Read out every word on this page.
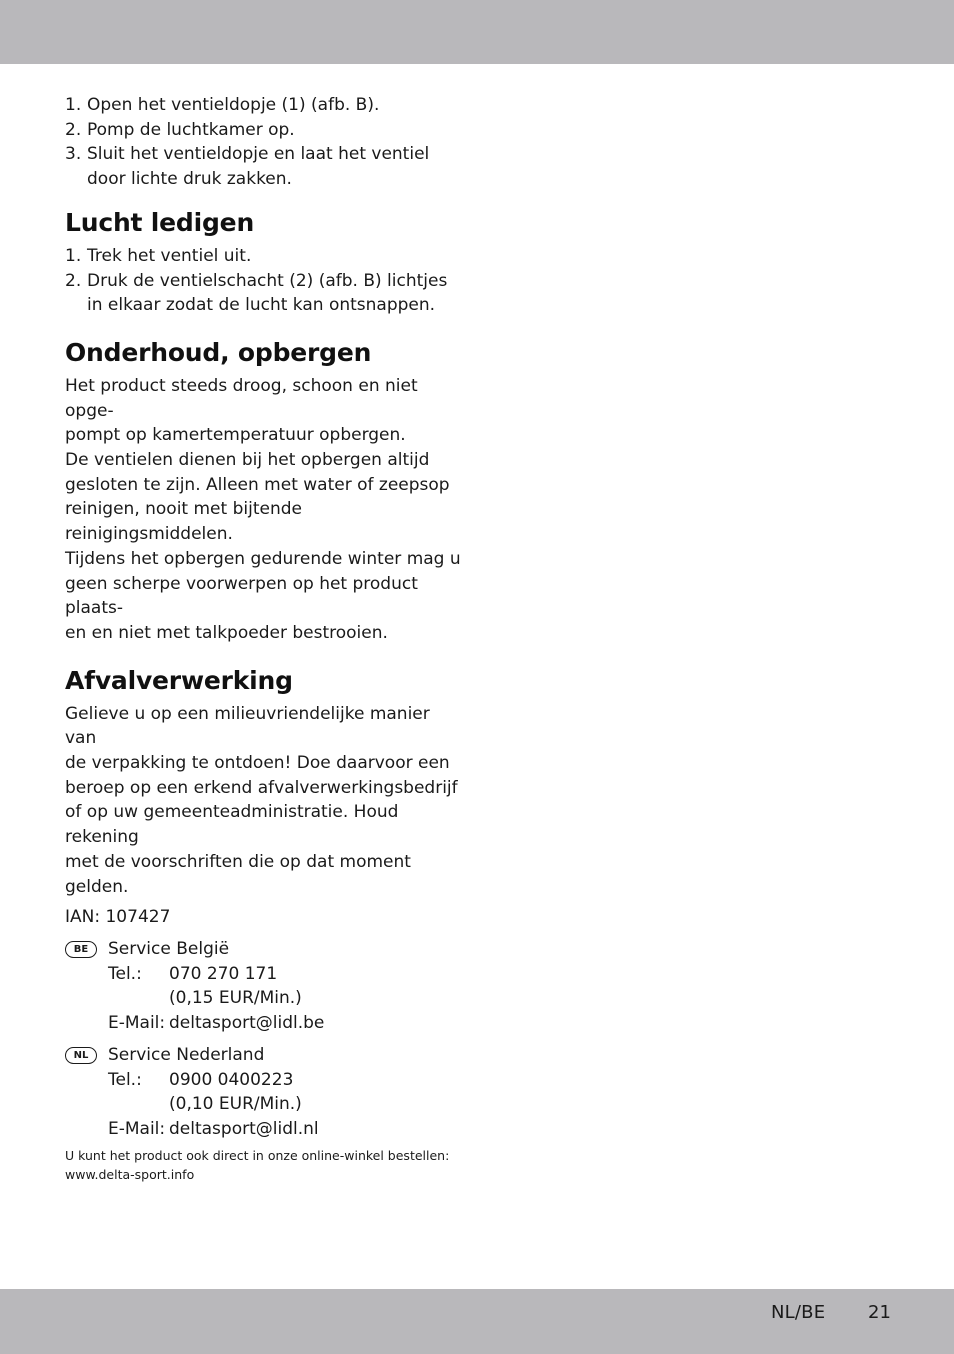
1. Open het ventieldopje (1) (afb. B).
2. Pomp de luchtkamer op.
3. Sluit het ventieldopje en laat het ventiel door lichte druk zakken.
Lucht ledigen
1. Trek het ventiel uit.
2. Druk de ventielschacht (2) (afb. B) lichtjes in elkaar zodat de lucht kan ontsnappen.
Onderhoud, opbergen

Het product steeds droog, schoon en niet opge-
pompt op kamertemperatuur opbergen.
De ventielen dienen bij het opbergen altijd
gesloten te zijn. Alleen met water of zeepsop
reinigen, nooit met bijtende reinigingsmiddelen.
Tijdens het opbergen gedurende winter mag u
geen scherpe voorwerpen op het product plaats-
en en niet met talkpoeder bestrooien.

Afvalverwerking

Gelieve u op een milieuvriendelijke manier van
de verpakking te ontdoen! Doe daarvoor een
beroep op een erkend afvalverwerkingsbedrijf
of op uw gemeenteadministratie. Houd rekening
met de voorschriften die op dat moment gelden.

IAN: 107427

BE	Service België
Tel.:	070 270 171
(0,15 EUR/Min.)
E-Mail: deltasport@lidl.be
NL	Service Nederland
Tel.:	0900 0400223
(0,10 EUR/Min.)
E-Mail: deltasport@lidl.nl

U kunt het product ook direct in onze online-winkel bestellen:
www.delta-sport.info

NL/BE 21
